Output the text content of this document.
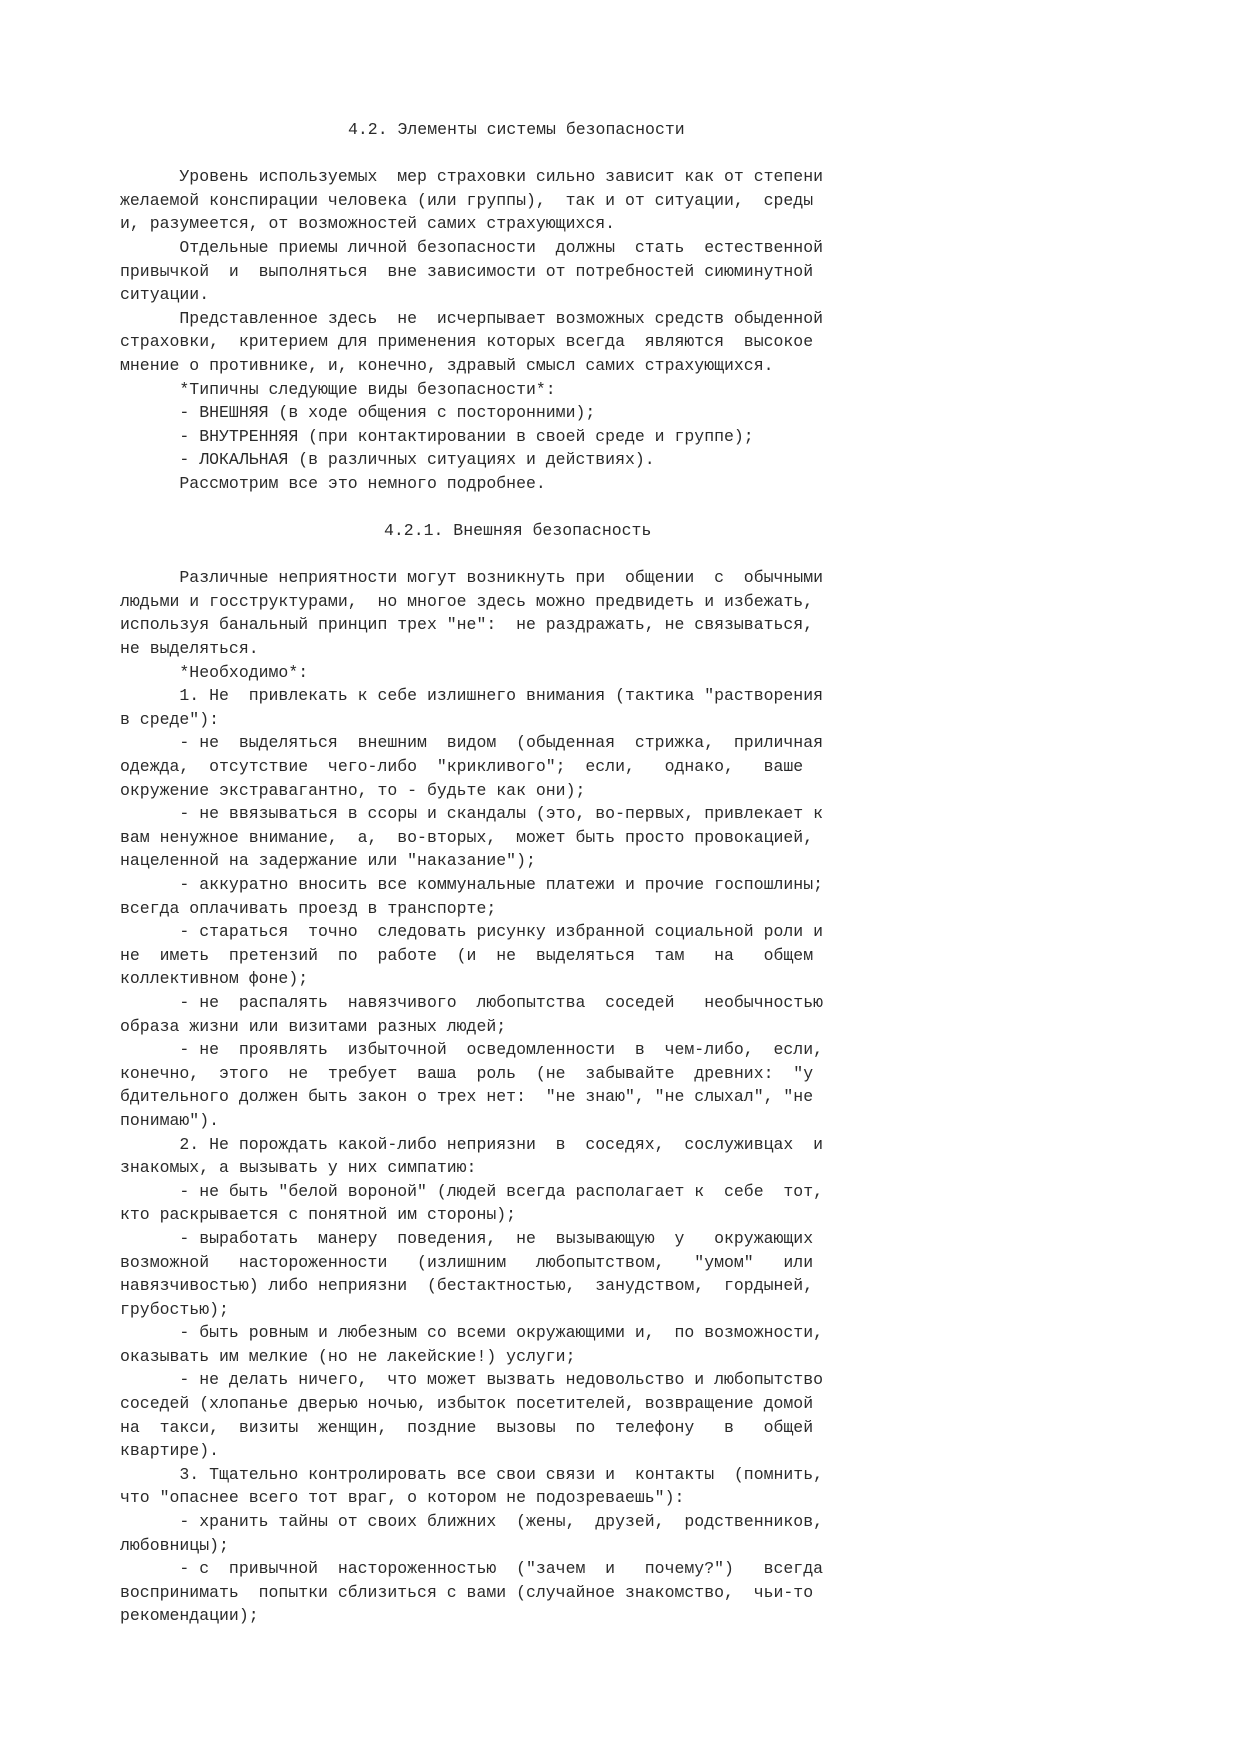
4.2. Элементы системы безопасности
Уровень используемых  мер страховки сильно зависит как от степени
желаемой конспирации человека (или группы),  так и от ситуации,  среды
и, разумеется, от возможностей самих страхующихся.
Отдельные приемы личной безопасности  должны  стать  естественной
привычкой  и  выполняться  вне зависимости от потребностей сиюминутной
ситуации.
Представленное здесь  не  исчерпывает возможных средств обыденной
страховки,  критерием для применения которых всегда  являются  высокое
мнение о противнике, и, конечно, здравый смысл самих страхующихся.
*Типичны следующие виды безопасности*:
- ВНЕШНЯЯ (в ходе общения с посторонними);
- ВНУТРЕННЯЯ (при контактировании в своей среде и группе);
- ЛОКАЛЬНАЯ (в различных ситуациях и действиях).
Рассмотрим все это немного подробнее.
4.2.1. Внешняя безопасность
Различные неприятности могут возникнуть при  общении  с  обычными
людьми и госструктурами,  но многое здесь можно предвидеть и избежать,
используя банальный принцип трех "не":  не раздражать, не связываться,
не выделяться.
*Необходимо*:
1. Не  привлекать к себе излишнего внимания (тактика "растворения
в среде"):
- не  выделяться  внешним  видом  (обыденная  стрижка,  приличная
одежда,  отсутствие  чего-либо  "крикливого";  если,   однако,   ваше
окружение экстравагантно, то - будьте как они);
- не ввязываться в ссоры и скандалы (это, во-первых, привлекает к
вам ненужное внимание,  а,  во-вторых,  может быть просто провокацией,
нацеленной на задержание или "наказание");
- аккуратно вносить все коммунальные платежи и прочие госпошлины;
всегда оплачивать проезд в транспорте;
- стараться  точно  следовать рисунку избранной социальной роли и
не  иметь  претензий  по  работе  (и  не  выделяться  там   на   общем
коллективном фоне);
- не  распалять  навязчивого  любопытства  соседей   необычностью
образа жизни или визитами разных людей;
- не  проявлять  избыточной  осведомленности  в  чем-либо,  если,
конечно,  этого  не  требует  ваша  роль  (не  забывайте  древних:  "у
бдительного должен быть закон о трех нет:  "не знаю", "не слыхал", "не
понимаю").
2. Не порождать какой-либо неприязни  в  соседях,  сослуживцах  и
знакомых, а вызывать у них симпатию:
- не быть "белой вороной" (людей всегда располагает к  себе  тот,
кто раскрывается с понятной им стороны);
- выработать  манеру  поведения,  не  вызывающую  у   окружающих
возможной   настороженности   (излишним   любопытством,   "умом"   или
навязчивостью) либо неприязни  (бестактностью,  занудством,  гордыней,
грубостью);
- быть ровным и любезным со всеми окружающими и,  по возможности,
оказывать им мелкие (но не лакейские!) услуги;
- не делать ничего,  что может вызвать недовольство и любопытство
соседей (хлопанье дверью ночью, избыток посетителей, возвращение домой
на  такси,  визиты  женщин,  поздние  вызовы  по  телефону   в   общей
квартире).
3. Тщательно контролировать все свои связи и  контакты  (помнить,
что "опаснее всего тот враг, о котором не подозреваешь"):
- хранить тайны от своих ближних  (жены,  друзей,  родственников,
любовницы);
- с  привычной  настороженностью  ("зачем  и   почему?")   всегда
воспринимать  попытки сблизиться с вами (случайное знакомство,  чьи-то
рекомендации);
